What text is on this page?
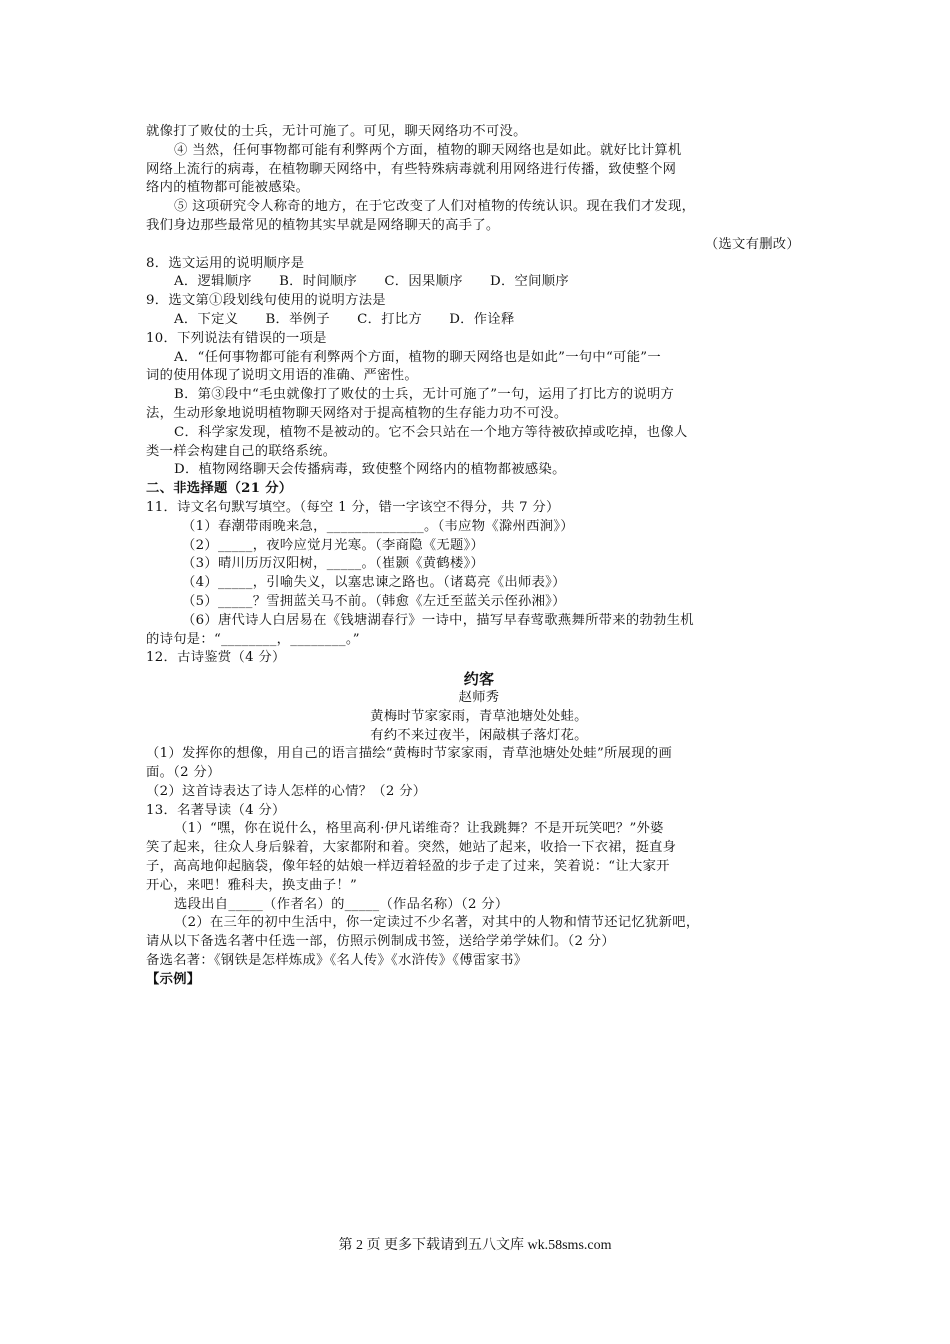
就像打了败仗的士兵，无计可施了。可见，聊天网络功不可没。
④ 当然，任何事物都可能有利弊两个方面，植物的聊天网络也是如此。就好比计算机
网络上流行的病毒，在植物聊天网络中，有些特殊病毒就利用网络进行传播，致使整个网
络内的植物都可能被感染。
⑤ 这项研究令人称奇的地方，在于它改变了人们对植物的传统认识。现在我们才发现，
我们身边那些最常见的植物其实早就是网络聊天的高手了。
（选文有删改）
8．选文运用的说明顺序是
A．逻辑顺序　　B．时间顺序　　C．因果顺序　　D．空间顺序
9．选文第①段划线句使用的说明方法是
A．下定义　　B．举例子　　C．打比方　　D．作诠释
10．下列说法有错误的一项是
A．“任何事物都可能有利弊两个方面，植物的聊天网络也是如此”一句中“可能”一
词的使用体现了说明文用语的准确、严密性。
B．第③段中“毛虫就像打了败仗的士兵，无计可施了”一句，运用了打比方的说明方
法，生动形象地说明植物聊天网络对于提高植物的生存能力功不可没。
C．科学家发现，植物不是被动的。它不会只站在一个地方等待被砍掉或吃掉，也像人
类一样会构建自己的联络系统。
D．植物网络聊天会传播病毒，致使整个网络内的植物都被感染。
二、非选择题（21 分）
11．诗文名句默写填空。（每空 1 分，错一字该空不得分，共 7 分）
（1）春潮带雨晚来急，______________。（韦应物《滁州西涧》）
（2）_____，夜吟应觉月光寒。（李商隐《无题》）
（3）晴川历历汉阳树，_____。（崔颢《黄鹤楼》）
（4）_____，引喻失义，以塞忠谏之路也。（诸葛亮《出师表》）
（5）_____？雪拥蓝关马不前。（韩愈《左迁至蓝关示侄孙湘》）
（6）唐代诗人白居易在《钱塘湖春行》一诗中，描写早春莺歌燕舞所带来的勃勃生机
的诗句是：“________，________。”
12．古诗鉴赏（4 分）
约客
赵师秀
黄梅时节家家雨，青草池塘处处蛙。
有约不来过夜半，闲敲棋子落灯花。
（1）发挥你的想像，用自己的语言描绘“黄梅时节家家雨，青草池塘处处蛙”所展现的画
面。（2 分）
（2）这首诗表达了诗人怎样的心情？（2 分）
13．名著导读（4 分）
（1）“嘿，你在说什么，格里高利·伊凡诺维奇？让我跳舞？不是开玩笑吧？”外婆
笑了起来，往众人身后躲着，大家都附和着。突然，她站了起来，收拾一下衣裙，挺直身
子，高高地仰起脑袋，像年轻的姑娘一样迈着轻盈的步子走了过来，笑着说：“让大家开
开心，来吧！雅科夫，换支曲子！”
选段出自_____（作者名）的_____（作品名称）（2 分）
（2）在三年的初中生活中，你一定读过不少名著，对其中的人物和情节还记忆犹新吧，
请从以下备选名著中任选一部，仿照示例制成书签，送给学弟学妹们。（2 分）
备选名著：《钢铁是怎样炼成》《名人传》《水浒传》《傅雷家书》
【示例】
第 2 页 更多下载请到五八文库 wk.58sms.com
